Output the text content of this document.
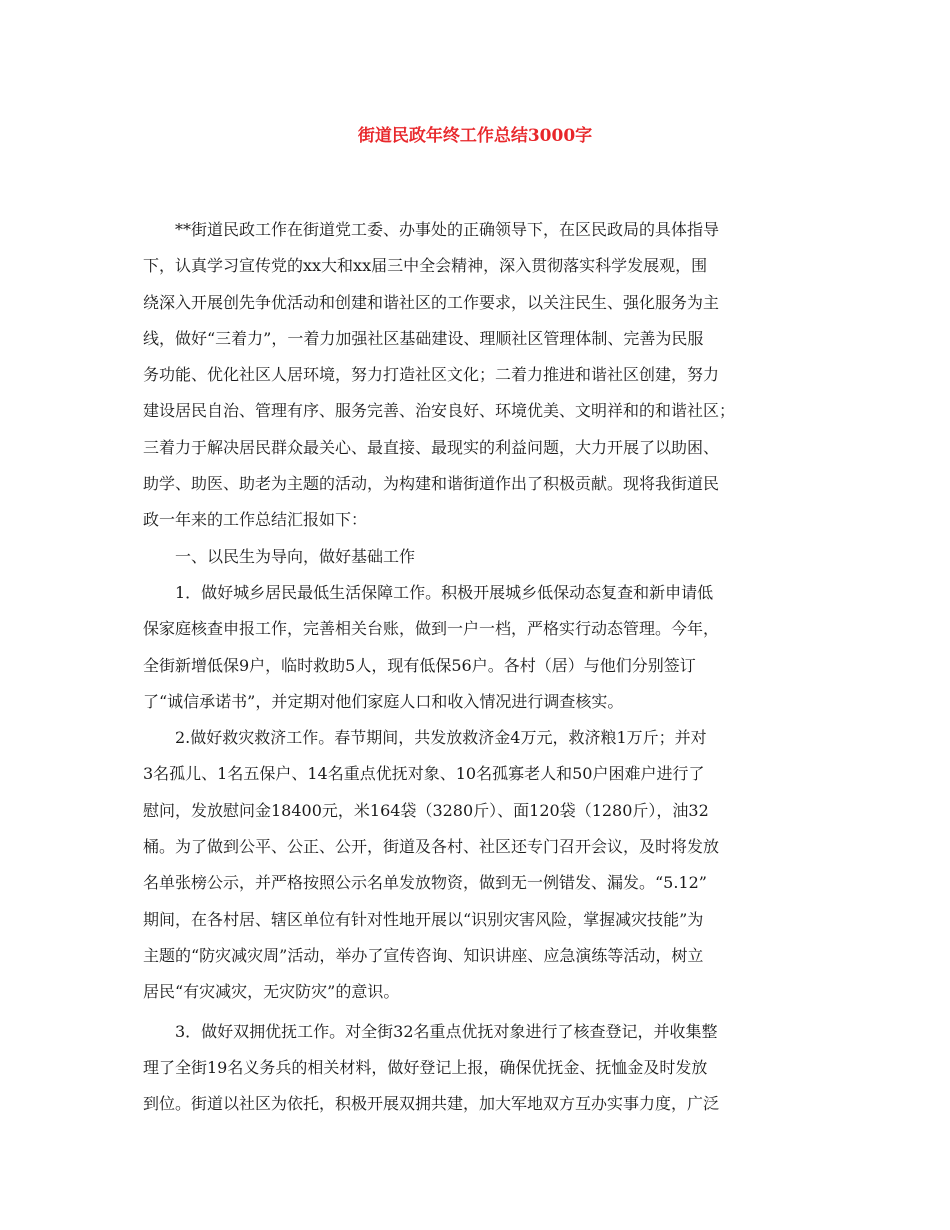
街道民政年终工作总结3000字
**街道民政工作在街道党工委、办事处的正确领导下，在区民政局的具体指导
下，认真学习宣传党的xx大和xx届三中全会精神，深入贯彻落实科学发展观，围
绕深入开展创先争优活动和创建和谐社区的工作要求，以关注民生、强化服务为主
线，做好“三着力”，一着力加强社区基础建设、理顺社区管理体制、完善为民服
务功能、优化社区人居环境，努力打造社区文化；二着力推进和谐社区创建，努力
建设居民自治、管理有序、服务完善、治安良好、环境优美、文明祥和的和谐社区；
三着力于解决居民群众最关心、最直接、最现实的利益问题，大力开展了以助困、
助学、助医、助老为主题的活动，为构建和谐街道作出了积极贡献。现将我街道民
政一年来的工作总结汇报如下：
一、以民生为导向，做好基础工作
1．做好城乡居民最低生活保障工作。积极开展城乡低保动态复查和新申请低
保家庭核查申报工作，完善相关台账，做到一户一档，严格实行动态管理。今年，
全街新增低保9户，临时救助5人，现有低保56户。各村（居）与他们分别签订
了“诚信承诺书”，并定期对他们家庭人口和收入情况进行调查核实。
2.做好救灾救济工作。春节期间，共发放救济金4万元，救济粮1万斤；并对
3名孤儿、1名五保户、14名重点优抚对象、10名孤寡老人和50户困难户进行了
慰问，发放慰问金18400元，米164袋（3280斤）、面120袋（1280斤），油32
桶。为了做到公平、公正、公开，街道及各村、社区还专门召开会议，及时将发放
名单张榜公示，并严格按照公示名单发放物资，做到无一例错发、漏发。“5.12”
期间，在各村居、辖区单位有针对性地开展以“识别灾害风险，掌握减灾技能”为
主题的“防灾减灾周”活动，举办了宣传咨询、知识讲座、应急演练等活动，树立
居民“有灾减灾，无灾防灾”的意识。
3．做好双拥优抚工作。对全街32名重点优抚对象进行了核查登记，并收集整
理了全街19名义务兵的相关材料，做好登记上报，确保优抚金、抚恤金及时发放
到位。街道以社区为依托，积极开展双拥共建，加大军地双方互办实事力度，广泛
